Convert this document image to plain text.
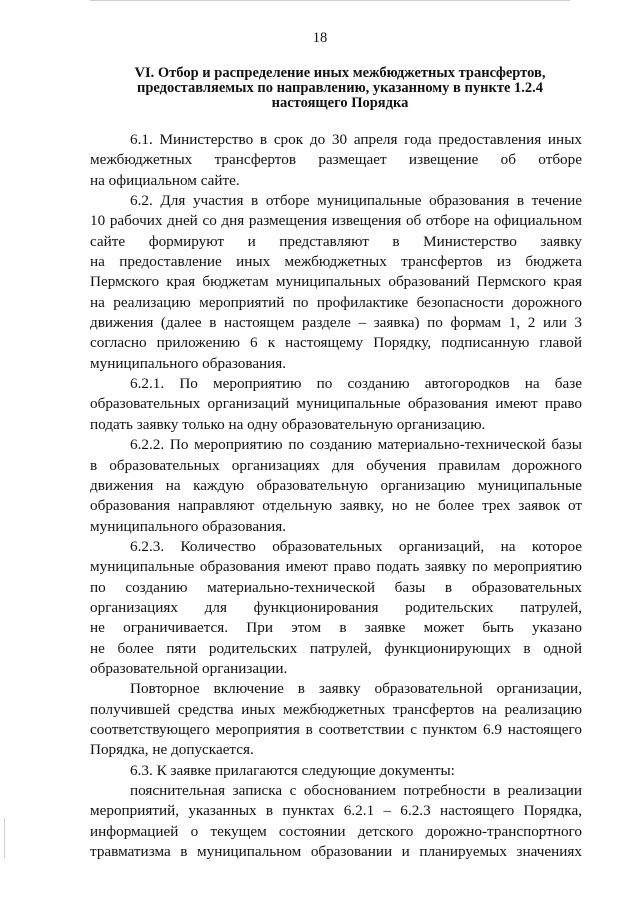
18
VI. Отбор и распределение иных межбюджетных трансфертов,
предоставляемых по направлению, указанному в пункте 1.2.4
настоящего Порядка
6.1. Министерство в срок до 30 апреля года предоставления иных
межбюджетных трансфертов размещает извещение об отборе
на официальном сайте.
6.2. Для участия в отборе муниципальные образования в течение
10 рабочих дней со дня размещения извещения об отборе на официальном
сайте формируют и представляют в Министерство заявку
на предоставление иных межбюджетных трансфертов из бюджета
Пермского края бюджетам муниципальных образований Пермского края
на реализацию мероприятий по профилактике безопасности дорожного
движения (далее в настоящем разделе – заявка) по формам 1, 2 или 3
согласно приложению 6 к настоящему Порядку, подписанную главой
муниципального образования.
6.2.1. По мероприятию по созданию автогородков на базе
образовательных организаций муниципальные образования имеют право
подать заявку только на одну образовательную организацию.
6.2.2. По мероприятию по созданию материально-технической базы
в образовательных организациях для обучения правилам дорожного
движения на каждую образовательную организацию муниципальные
образования направляют отдельную заявку, но не более трех заявок от
муниципального образования.
6.2.3. Количество образовательных организаций, на которое
муниципальные образования имеют право подать заявку по мероприятию
по созданию материально-технической базы в образовательных
организациях для функционирования родительских патрулей,
не ограничивается. При этом в заявке может быть указано
не более пяти родительских патрулей, функционирующих в одной
образовательной организации.
Повторное включение в заявку образовательной организации,
получившей средства иных межбюджетных трансфертов на реализацию
соответствующего мероприятия в соответствии с пунктом 6.9 настоящего
Порядка, не допускается.
6.3. К заявке прилагаются следующие документы:
пояснительная записка с обоснованием потребности в реализации
мероприятий, указанных в пунктах 6.2.1 – 6.2.3 настоящего Порядка,
информацией о текущем состоянии детского дорожно-транспортного
травматизма в муниципальном образовании и планируемых значениях
